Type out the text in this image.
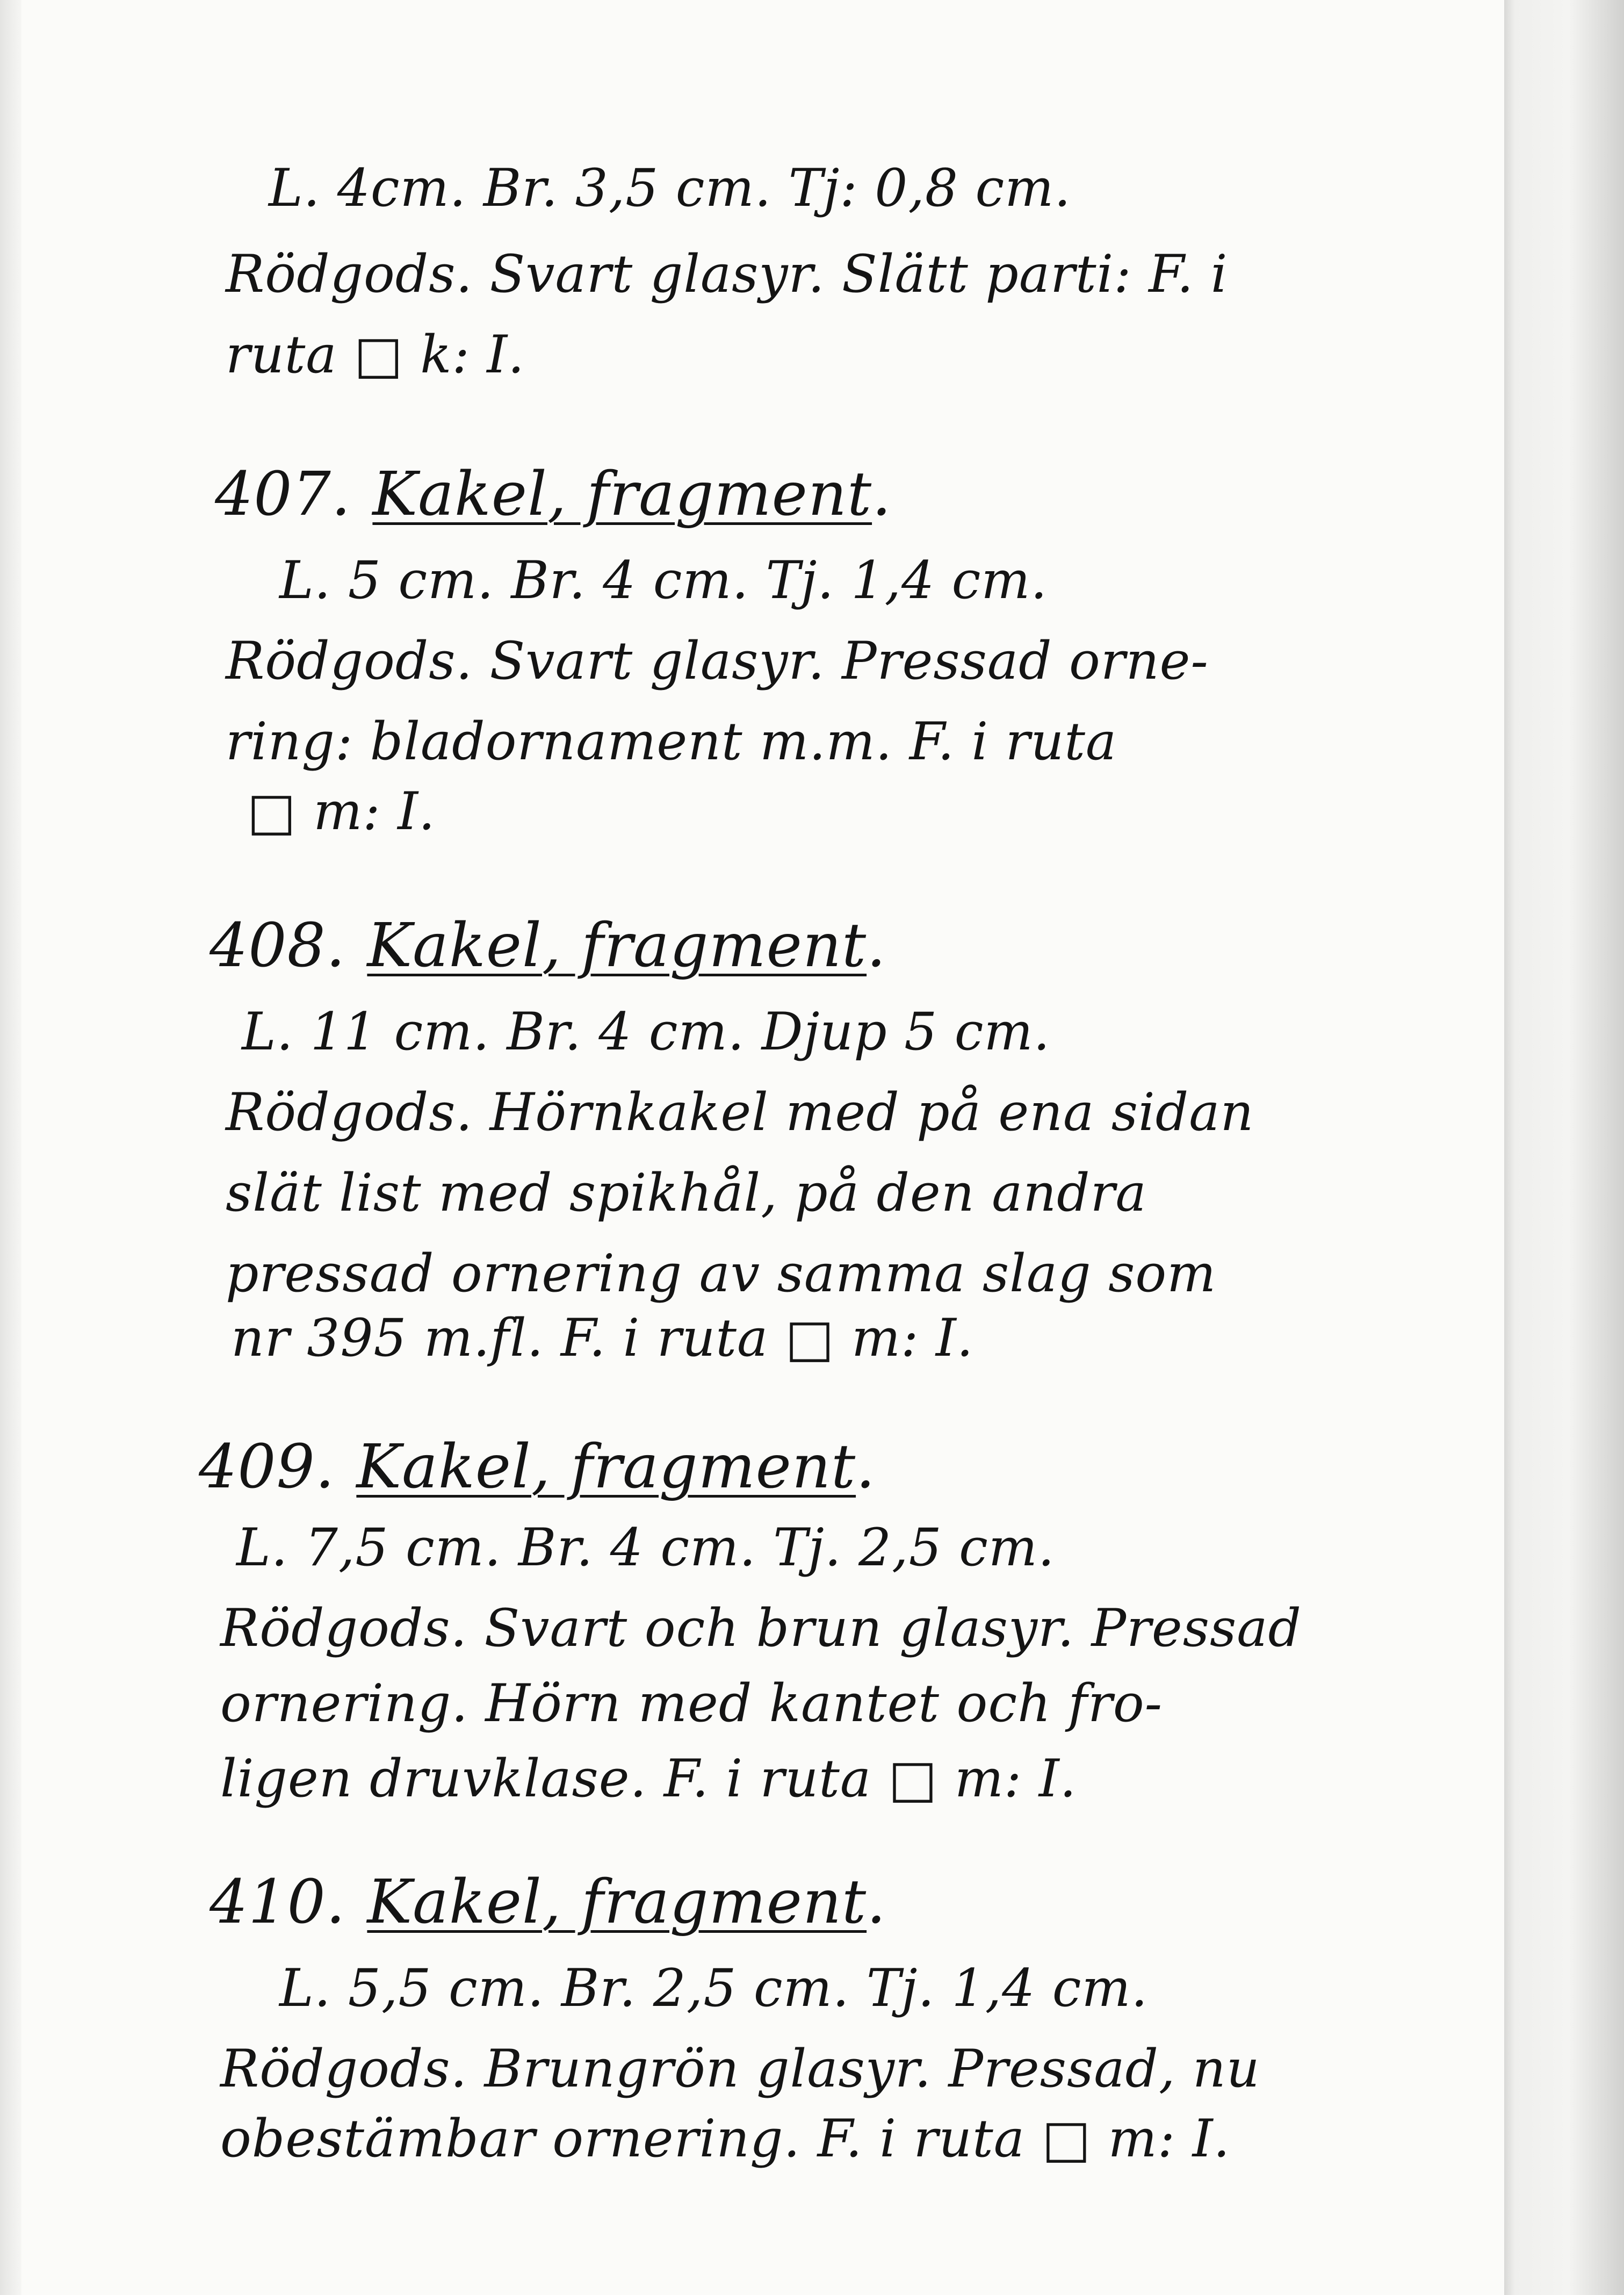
L. 4cm. Br. 3,5 cm. Tj: 0,8 cm.
Rödgods. Svart glasyr. Slätt parti: F. i
ruta □ k: I.
407. Kakel, fragment.
L. 5 cm. Br. 4 cm. Tj. 1,4 cm.
Rödgods. Svart glasyr. Pressad orne-
ring: bladornament m.m. F. i ruta
□ m: I.
408. Kakel, fragment.
L. 11 cm. Br. 4 cm. Djup 5 cm.
Rödgods. Hörnkakel med på ena sidan
slät list med spikhål, på den andra
pressad ornering av samma slag som
nr 395 m.fl. F. i ruta □ m: I.
409. Kakel, fragment.
L. 7,5 cm. Br. 4 cm. Tj. 2,5 cm.
Rödgods. Svart och brun glasyr. Pressad
ornering. Hörn med kantet och fro-
ligen druvklase. F. i ruta □ m: I.
410. Kakel, fragment.
L. 5,5 cm. Br. 2,5 cm. Tj. 1,4 cm.
Rödgods. Brungrön glasyr. Pressad, nu
obestämbar ornering. F. i ruta □ m: I.
